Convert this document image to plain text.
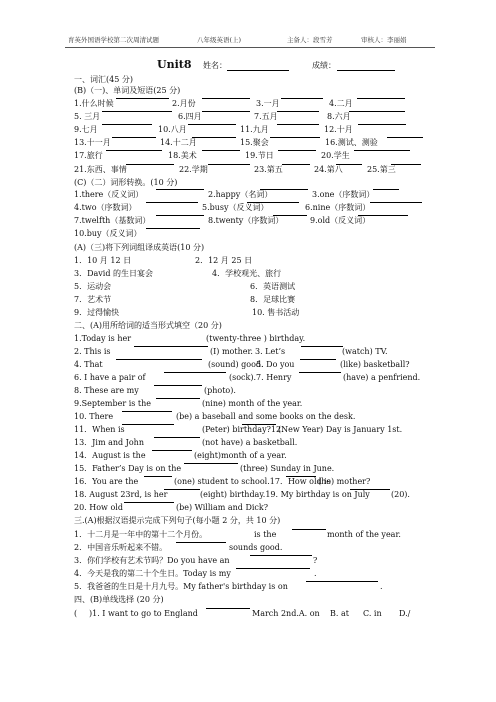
育英外国语学校第二次周清试题	八年级英语(上)	主备人：段雪芳	审核人：李丽娟
Unit8 姓名：	成绩：
一、词汇(45 分)
(B)（一)、单词及短语(25 分)
1.什么时候	2.月份	3.一月	4.二月
5. 三月	6.四月	7.五月	8.六月
9.七月	10.八月	11.九月	12.十月
13.十一月	14.十二月	15.聚会	16.测试、测验
17.旅行	18.美术	19.节日	20.学生
21.东西、事情	22.学期	23.第五	24.第八	25.第三
(C)（二）词形转换。(10 分)
1.there（反义词）	2.happy（名词）	3.one（序数词）
4.two（序数词）	5.busy（反义词）	6.nine（序数词）
7.twelfth（基数词）	8.twenty（序数词）	9.old（反义词）
10.buy（反义词）
(A)（三)将下列词组译成英语(10 分)
1．10 月 12 日	2．12 月 25 日
3．David 的生日宴会	4．学校观光、旅行
5．运动会	6．英语测试
7．艺术节	8．足球比赛
9．过得愉快	10. 售书活动
二、(A)用所给词的适当形式填空（20 分)
1.Today is her	(twenty-three ) birthday.
2. This is	(I) mother. 3. Let’s	(watch) TV.
4. That	(sound) good.
5. Do you	(like) basketball?
6. I have a pair of	(sock).7. Henry	(have) a penfriend.
8. These are my	(photo).
9.September is the	(nine) month of the year.
10. There	(be) a baseball and some books on the desk.
11．When is	(Peter) birthday?12.
(New Year) Day is January 1st.
13．Jim and John	(not have) a basketball.
14．August is the	(eight)month of a year.
15．Father’s Day is on the	(three) Sunday in June.
16．You are the	(one) student to school.17．How old is
(he) mother?
18. August 23rd, is her	(eight) birthday.19. My birthday is on July	(20).
20. How old	(be) William and Dick?
三.(A)根据汉语提示完成下列句子(每小题 2 分，共 10 分)
1．十二月是一年中的第十二个月份。	is the	month of the year.
2．中国音乐听起来不错。	sounds good.
3．你们学校有艺术节吗？Do you have an	?
4．今天是我的第二十个生日。Today is my	.
5．我爸爸的生日是十月九号。My father's birthday is on	.
四、(B)单线选择 (20 分)
( )1. I want to go to England	March 2nd.A. on B. at C. in D./
